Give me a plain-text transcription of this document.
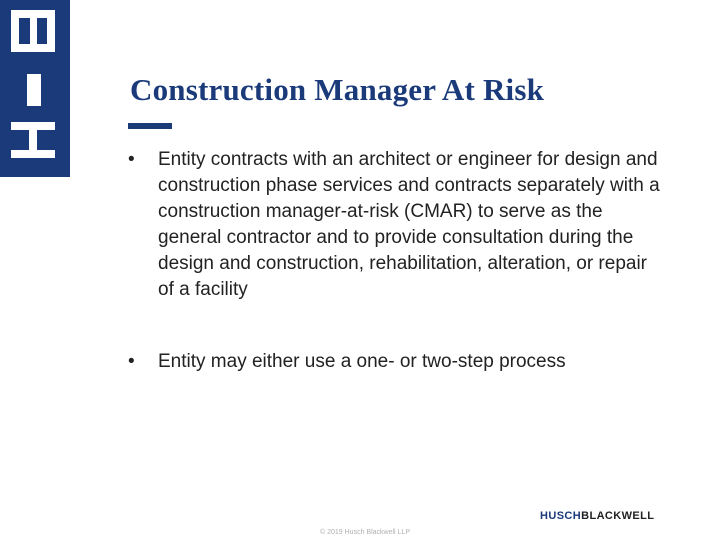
Construction Manager At Risk
• Entity contracts with an architect or engineer for design and construction phase services and contracts separately with a construction manager-at-risk (CMAR) to serve as the general contractor and to provide consultation during the design and construction, rehabilitation, alteration, or repair of a facility
• Entity may either use a one- or two-step process
HUSCHBLACKWELL
© 2019 Husch Blackwell LLP
